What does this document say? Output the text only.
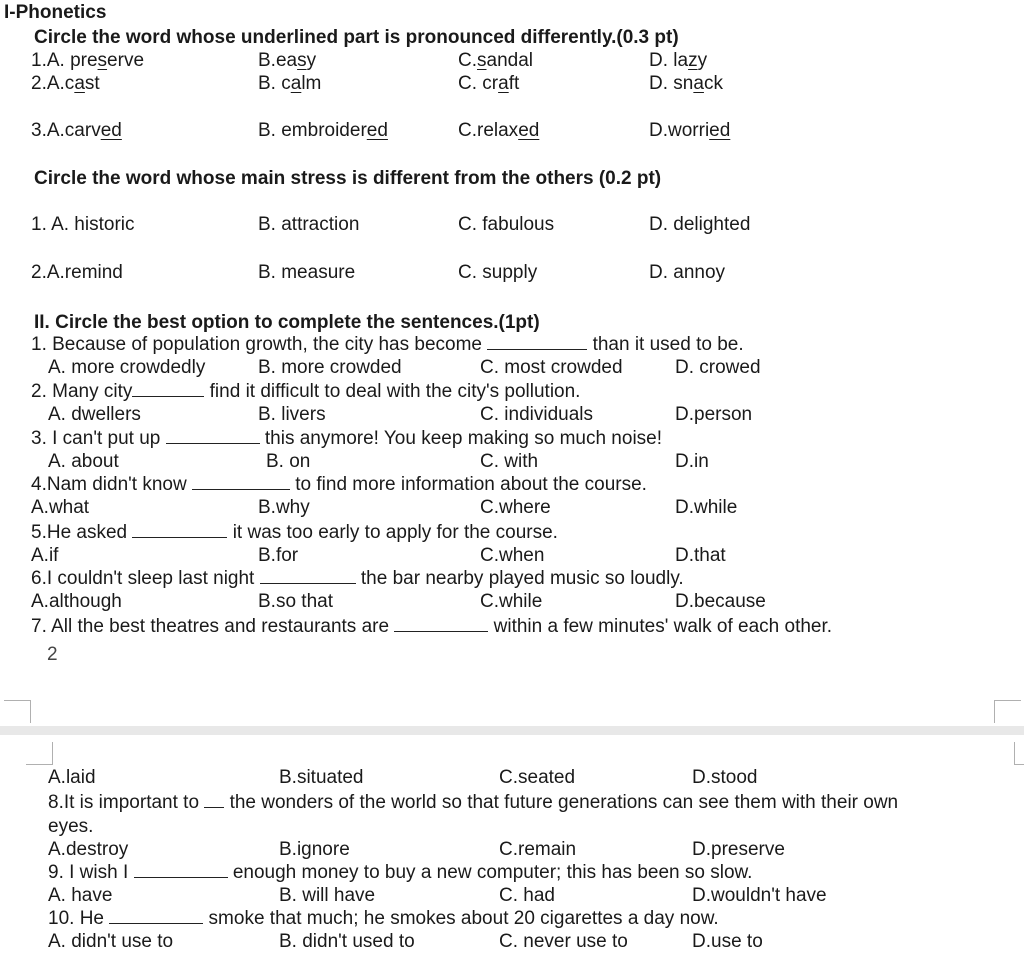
I-Phonetics
Circle the word whose underlined part is pronounced differently.(0.3 pt)
1.A. preserve	B.easy	C.sandal	D. lazy
2.A.cast	B. calm	C. craft	D. snack
3.A.carved	B. embroidered	C.relaxed	D.worried
Circle the word whose main stress is different from the others (0.2 pt)
1. A. historic	B. attraction	C. fabulous	D. delighted
2.A.remind	B. measure	C. supply	D. annoy
II. Circle the best option to complete the sentences.(1pt)
1. Because of population growth, the city has become	than it used to be.
A. more crowdedly	B. more crowded	C. most crowded	D. crowed
2. Many city	find it difficult to deal with the city's pollution.
A. dwellers	B. livers	C. individuals	D.person
3. I can't put up	this anymore! You keep making so much noise!
A. about	B. on	C. with	D.in
4.Nam didn't know	to find more information about the course.
A.what	B.why	C.where	D.while
5.He asked	it was too early to apply for the course.
A.if	B.for	C.when	D.that
6.I couldn't sleep last night	the bar nearby played music so loudly.
A.although	B.so that	C.while	D.because
7. All the best theatres and restaurants are	within a few minutes' walk of each other.
2
A.laid	B.situated	C.seated	D.stood
8.It is important to the wonders of the world so that future generations can see them with their own
eyes.
A.destroy	B.ignore	C.remain	D.preserve
9. I wish I	enough money to buy a new computer; this has been so slow.
A. have	B. will have	C. had	D.wouldn't have
10. He	smoke that much; he smokes about 20 cigarettes a day now.
A. didn't use to	B. didn't used to	C. never use to	D.use to
